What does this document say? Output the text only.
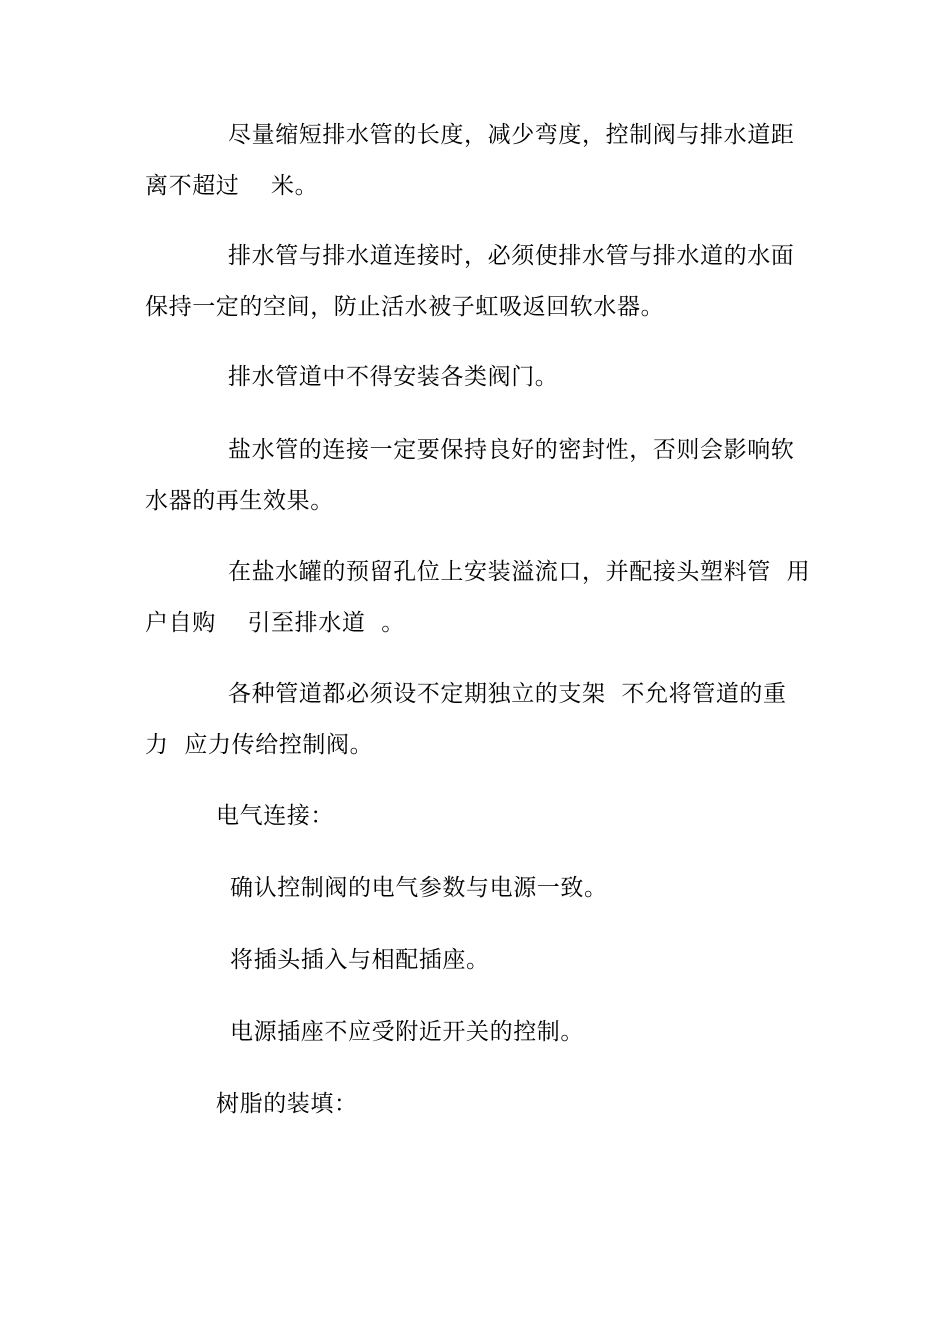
尽量缩短排水管的长度，减少弯度，控制阀与排水道距

离不超过    米。

排水管与排水道连接时，必须使排水管与排水道的水面

保持一定的空间，防止活水被子虹吸返回软水器。

排水管道中不得安装各类阀门。

盐水管的连接一定要保持良好的密封性，否则会影响软

水器的再生效果。

在盐水罐的预留孔位上安装溢流口，并配接头塑料管  用

户自购    引至排水道  。

各种管道都必须设不定期独立的支架  不允将管道的重

力  应力传给控制阀。

电气连接：

确认控制阀的电气参数与电源一致。

将插头插入与相配插座。

电源插座不应受附近开关的控制。

树脂的装填：
